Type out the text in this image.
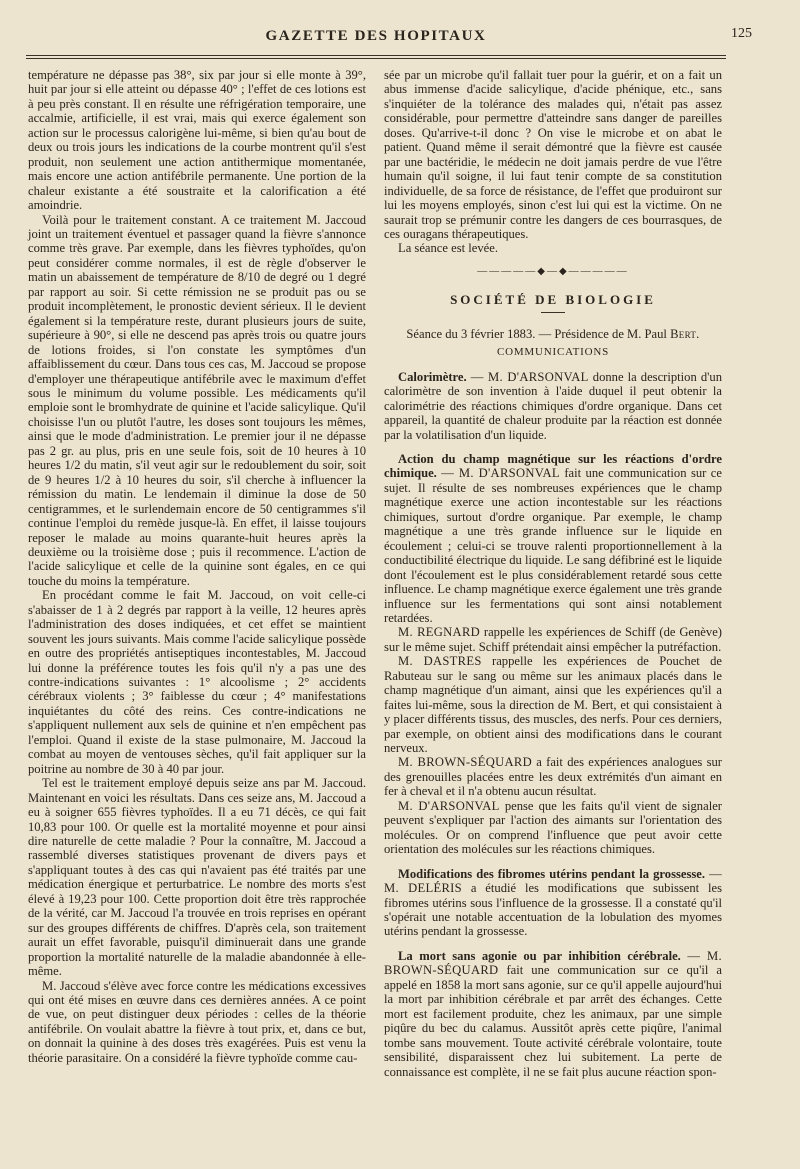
GAZETTE DES HOPITAUX	125

température ne dépasse pas 38°, six par jour si elle monte à 39°, huit par jour si elle atteint ou dépasse 40° ; l'effet de ces lotions est à peu près constant. Il en résulte une réfrigération temporaire, une accalmie, artificielle, il est vrai, mais qui exerce également son action sur le processus calorigène lui-même, si bien qu'au bout de deux ou trois jours les indications de la courbe montrent qu'il s'est produit, non seulement une action antithermique momentanée, mais encore une action antifébrile permanente. Une portion de la chaleur existante a été soustraite et la calorification a été amoindrie.

Voilà pour le traitement constant. A ce traitement M. Jaccoud joint un traitement éventuel et passager quand la fièvre s'annonce comme très grave. Par exemple, dans les fièvres typhoïdes, qu'on peut considérer comme normales, il est de règle d'observer le matin un abaissement de température de 8/10 de degré ou 1 degré par rapport au soir. Si cette rémission ne se produit pas ou se produit incomplètement, le pronostic devient sérieux. Il le devient également si la température reste, durant plusieurs jours de suite, supérieure à 90°, si elle ne descend pas après trois ou quatre jours de lotions froides, si l'on constate les symptômes d'un affaiblissement du cœur. Dans tous ces cas, M. Jaccoud se propose d'employer une thérapeutique antifébrile avec le maximum d'effet sous le minimum du volume possible. Les médicaments qu'il emploie sont le bromhydrate de quinine et l'acide salicylique. Qu'il choisisse l'un ou plutôt l'autre, les doses sont toujours les mêmes, ainsi que le mode d'administration. Le premier jour il ne dépasse pas 2 gr. au plus, pris en une seule fois, soit de 10 heures à 10 heures 1/2 du matin, s'il veut agir sur le redoublement du soir, soit de 9 heures 1/2 à 10 heures du soir, s'il cherche à influencer la rémission du matin. Le lendemain il diminue la dose de 50 centigrammes, et le surlendemain encore de 50 centigrammes s'il continue l'emploi du remède jusque-là. En effet, il laisse toujours reposer le malade au moins quarante-huit heures après la deuxième ou la troisième dose ; puis il recommence. L'action de l'acide salicylique et celle de la quinine sont égales, en ce qui touche du moins la température.

En procédant comme le fait M. Jaccoud, on voit celle-ci s'abaisser de 1 à 2 degrés par rapport à la veille, 12 heures après l'administration des doses indiquées, et cet effet se maintient souvent les jours suivants. Mais comme l'acide salicylique possède en outre des propriétés antiseptiques incontestables, M. Jaccoud lui donne la préférence toutes les fois qu'il n'y a pas une des contre-indications suivantes : 1° alcoolisme ; 2° accidents cérébraux violents ; 3° faiblesse du cœur ; 4° manifestations inquiétantes du côté des reins. Ces contre-indications ne s'appliquent nullement aux sels de quinine et n'en empêchent pas l'emploi. Quand il existe de la stase pulmonaire, M. Jaccoud la combat au moyen de ventouses sèches, qu'il fait appliquer sur la poitrine au nombre de 30 à 40 par jour.

Tel est le traitement employé depuis seize ans par M. Jaccoud. Maintenant en voici les résultats. Dans ces seize ans, M. Jaccoud a eu à soigner 655 fièvres typhoïdes. Il a eu 71 décès, ce qui fait 10,83 pour 100. Or quelle est la mortalité moyenne et pour ainsi dire naturelle de cette maladie ? Pour la connaître, M. Jaccoud a rassemblé diverses statistiques provenant de divers pays et s'appliquant toutes à des cas qui n'avaient pas été traités par une médication énergique et perturbatrice. Le nombre des morts s'est élevé à 19,23 pour 100. Cette proportion doit être très rapprochée de la vérité, car M. Jaccoud l'a trouvée en trois reprises en opérant sur des groupes différents de chiffres. D'après cela, son traitement aurait un effet favorable, puisqu'il diminuerait dans une grande proportion la mortalité naturelle de la maladie abandonnée à elle-même.

M. Jaccoud s'élève avec force contre les médications excessives qui ont été mises en œuvre dans ces dernières années. A ce point de vue, on peut distinguer deux périodes : celles de la théorie antifébrile. On voulait abattre la fièvre à tout prix, et, dans ce but, on donnait la quinine à des doses très exagérées. Puis est venu la théorie parasitaire. On a considéré la fièvre typhoïde comme cau-

sée par un microbe qu'il fallait tuer pour la guérir, et on a fait un abus immense d'acide salicylique, d'acide phénique, etc., sans s'inquiéter de la tolérance des malades qui, n'était pas assez considérable, pour permettre d'atteindre sans danger de pareilles doses. Qu'arrive-t-il donc ? On vise le microbe et on abat le patient. Quand même il serait démontré que la fièvre est causée par une bactéridie, le médecin ne doit jamais perdre de vue l'être humain qu'il soigne, il lui faut tenir compte de sa constitution individuelle, de sa force de résistance, de l'effet que produiront sur lui les moyens employés, sinon c'est lui qui est la victime. On ne saurait trop se prémunir contre les dangers de ces bourrasques, de ces ouragans thérapeutiques.

La séance est levée.

—————◆—◆—————
SOCIÉTÉ DE BIOLOGIE
Séance du 3 février 1883. — Présidence de M. Paul Bert.
COMMUNICATIONS

Calorimètre. — M. D'ARSONVAL donne la description d'un calorimètre de son invention à l'aide duquel il peut obtenir la calorimétrie des réactions chimiques d'ordre organique. Dans cet appareil, la quantité de chaleur produite par la réaction est donnée par la volatilisation d'un liquide.

Action du champ magnétique sur les réactions d'ordre chimique. — M. D'ARSONVAL fait une communication sur ce sujet. Il résulte de ses nombreuses expériences que le champ magnétique exerce une action incontestable sur les réactions chimiques, surtout d'ordre organique. Par exemple, le champ magnétique a une très grande influence sur le liquide en écoulement ; celui-ci se trouve ralenti proportionnellement à la conductibilité électrique du liquide. Le sang défibriné est le liquide dont l'écoulement est le plus considérablement retardé sous cette influence. Le champ magnétique exerce également une très grande influence sur les fermentations qui sont ainsi notablement retardées.

M. REGNARD rappelle les expériences de Schiff (de Genève) sur le même sujet. Schiff prétendait ainsi empêcher la putréfaction.

M. DASTRES rappelle les expériences de Pouchet de Rabuteau sur le sang ou même sur les animaux placés dans le champ magnétique d'un aimant, ainsi que les expériences qu'il a faites lui-même, sous la direction de M. Bert, et qui consistaient à y placer différents tissus, des muscles, des nerfs. Pour ces derniers, par exemple, on obtient ainsi des modifications dans le courant nerveux.

M. BROWN-SÉQUARD a fait des expériences analogues sur des grenouilles placées entre les deux extrémités d'un aimant en fer à cheval et il n'a obtenu aucun résultat.

M. D'ARSONVAL pense que les faits qu'il vient de signaler peuvent s'expliquer par l'action des aimants sur l'orientation des molécules. Or on comprend l'influence que peut avoir cette orientation des molécules sur les réactions chimiques.

Modifications des fibromes utérins pendant la grossesse. — M. DELÉRIS a étudié les modifications que subissent les fibromes utérins sous l'influence de la grossesse. Il a constaté qu'il s'opérait une notable accentuation de la lobulation des myomes utérins pendant la grossesse.

La mort sans agonie ou par inhibition cérébrale. — M. BROWN-SÉQUARD fait une communication sur ce qu'il a appelé en 1858 la mort sans agonie, sur ce qu'il appelle aujourd'hui la mort par inhibition cérébrale et par arrêt des échanges. Cette mort est facilement produite, chez les animaux, par une simple piqûre du bec du calamus. Aussitôt après cette piqûre, l'animal tombe sans mouvement. Toute activité cérébrale volontaire, toute sensibilité, disparaissent chez lui subitement. La perte de connaissance est complète, il ne se fait plus aucune réaction spon-
